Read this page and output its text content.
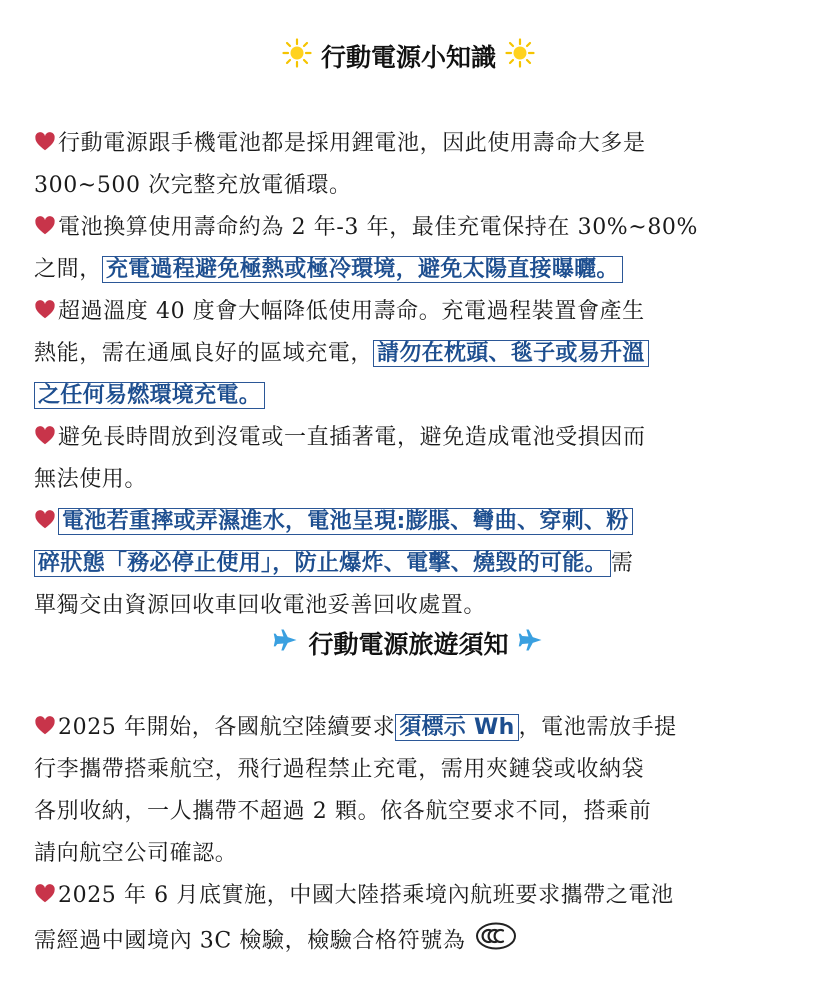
行動電源小知識
行動電源跟手機電池都是採用鋰電池，因此使用壽命大多是
300~500 次完整充放電循環。
電池換算使用壽命約為 2 年-3 年，最佳充電保持在 30%~80%
之間， 充電過程避免極熱或極冷環境，避免太陽直接曝曬。
超過溫度 40 度會大幅降低使用壽命。充電過程裝置會產生
熱能，需在通風良好的區域充電， 請勿在枕頭、毯子或易升溫
之任何易燃環境充電。
避免長時間放到沒電或一直插著電，避免造成電池受損因而
無法使用。
電池若重摔或弄濕進水，電池呈現:膨脹、彎曲、穿刺、粉
碎狀態「務必停止使用」，防止爆炸、電擊、燒毀的可能。 需
單獨交由資源回收車回收電池妥善回收處置。
行動電源旅遊須知
2025 年開始，各國航空陸續要求 須標示 Wh ，電池需放手提
行李攜帶搭乘航空，飛行過程禁止充電，需用夾鏈袋或收納袋
各別收納，一人攜帶不超過 2 顆。依各航空要求不同，搭乘前
請向航空公司確認。
2025 年 6 月底實施，中國大陸搭乘境內航班要求攜帶之電池
需經過中國境內 3C 檢驗，檢驗合格符號為
